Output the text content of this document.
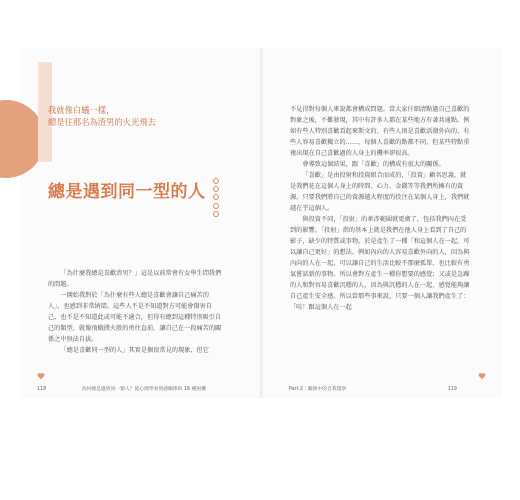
我就像白蟻一樣，
總是往那名為渣男的火光飛去
總是遇到同一型的人

「為什麼我總是喜歡渣男？」這是以前常會有女學生問我們的問題。

一開始我對於「為什麼有些人總是喜歡會讓自己痛苦的人」，也感到非常納悶。這些人不是不知道對方可能會傷害自己，也不是不知道此或可能不適合，但得有總到這種特別吸引自己的類型，就像飛蛾撲火般的勇往直前，讓自己在一段痛苦的關係之中無法自拔。

「總是喜歡同一型的人」其實是個很常見的現象，但它

不見得對每個人來說都會構成問題。當大家仔細清點過自己喜歡的對象之後，不難發現，其中有許多人都在某些地方有著共通點。例如有些人特別喜歡看起來斯文的、有些人則是喜歡活潑外向的、有些人容易喜歡獨立的……，每個人喜歡的點都不同，但某些特點重複出現在自己喜歡過的人身上的機率卻很高。

會導致這個結果，跟「喜歡」的構成有很大的關係。

「喜歡」是由投射和投資組合而成的，「投資」顧名思義，就是我們花在這個人身上的時間、心力、金錢等等我們所擁有的資源。只要我們將自己的資源越大程度的投注在某個人身上，我們就越在乎這個人。

與投資不同，「投射」的牽涉範圍就更廣了，包括我們內在受到的影響。「投射」指的基本上就是我們在他人身上看到了自己的影子，缺少的特質或事物。於是產生了一種「和這個人在一起，可以讓自己更好」的想法。例如內向的人容易喜歡外向的人，因為與內向的人在一起，可以讓自己的生活比較不那麼孤單，也比較有勇氣嘗試新的事物。所以會對方產生一種你想要的感覺；又或是急躁的人和對容易喜歡沉穩的人，因為與沉穩的人在一起，感覺能夠讓自己產生安全感。所以當那些事來說，只要一個人讓我們產生了：「哇！跟這個人在一起

118	為何總是遇到同一類人？從心理學看情感關係的 16 種困擾	Part 2｜關係中的自我覺察	119
